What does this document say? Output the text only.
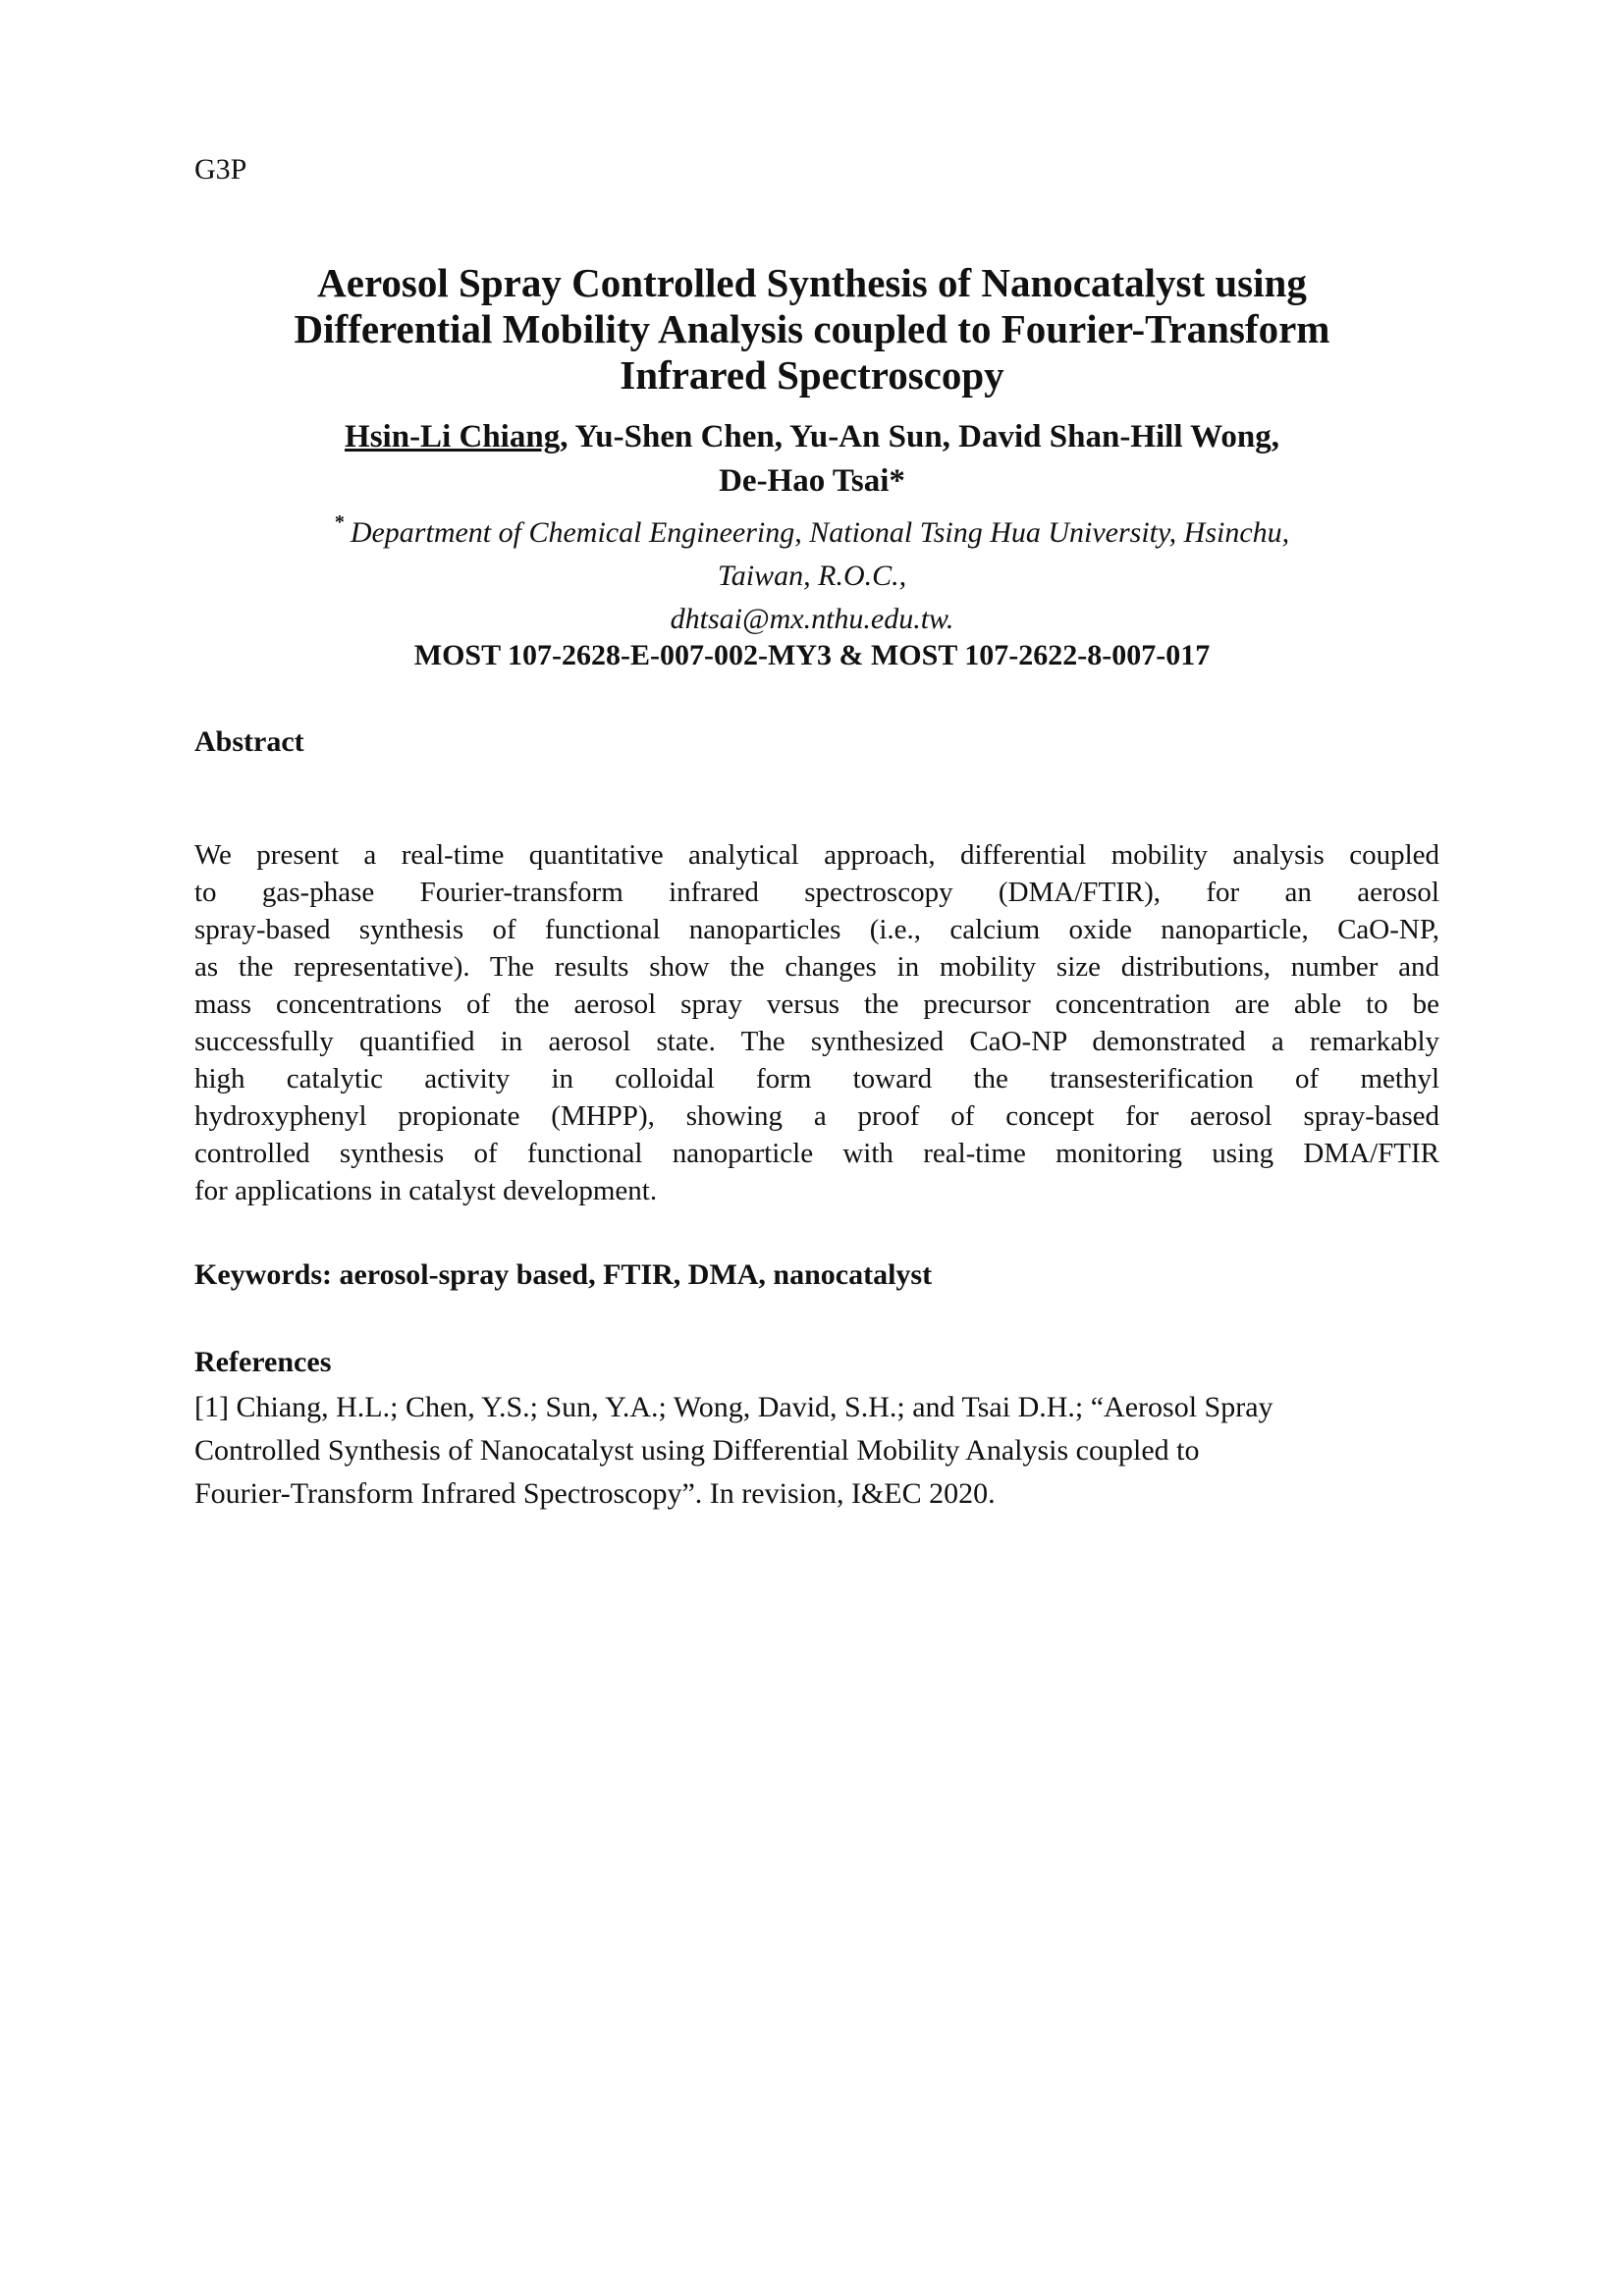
G3P
Aerosol Spray Controlled Synthesis of Nanocatalyst using
Differential Mobility Analysis coupled to Fourier-Transform
Infrared Spectroscopy
Hsin-Li Chiang, Yu-Shen Chen, Yu-An Sun, David Shan-Hill Wong,
De-Hao Tsai*
* Department of Chemical Engineering, National Tsing Hua University, Hsinchu,
Taiwan, R.O.C.,
dhtsai@mx.nthu.edu.tw.
MOST 107-2628-E-007-002-MY3 & MOST 107-2622-8-007-017
Abstract
We present a real-time quantitative analytical approach, differential mobility analysis coupled
to gas-phase Fourier-transform infrared spectroscopy (DMA/FTIR), for an aerosol
spray-based synthesis of functional nanoparticles (i.e., calcium oxide nanoparticle, CaO-NP,
as the representative). The results show the changes in mobility size distributions, number and
mass concentrations of the aerosol spray versus the precursor concentration are able to be
successfully quantified in aerosol state. The synthesized CaO-NP demonstrated a remarkably
high catalytic activity in colloidal form toward the transesterification of methyl
hydroxyphenyl propionate (MHPP), showing a proof of concept for aerosol spray-based
controlled synthesis of functional nanoparticle with real-time monitoring using DMA/FTIR
for applications in catalyst development.
Keywords: aerosol-spray based, FTIR, DMA, nanocatalyst
References
[1] Chiang, H.L.; Chen, Y.S.; Sun, Y.A.; Wong, David, S.H.; and Tsai D.H.; “Aerosol Spray
Controlled Synthesis of Nanocatalyst using Differential Mobility Analysis coupled to
Fourier-Transform Infrared Spectroscopy”. In revision, I&EC 2020.
